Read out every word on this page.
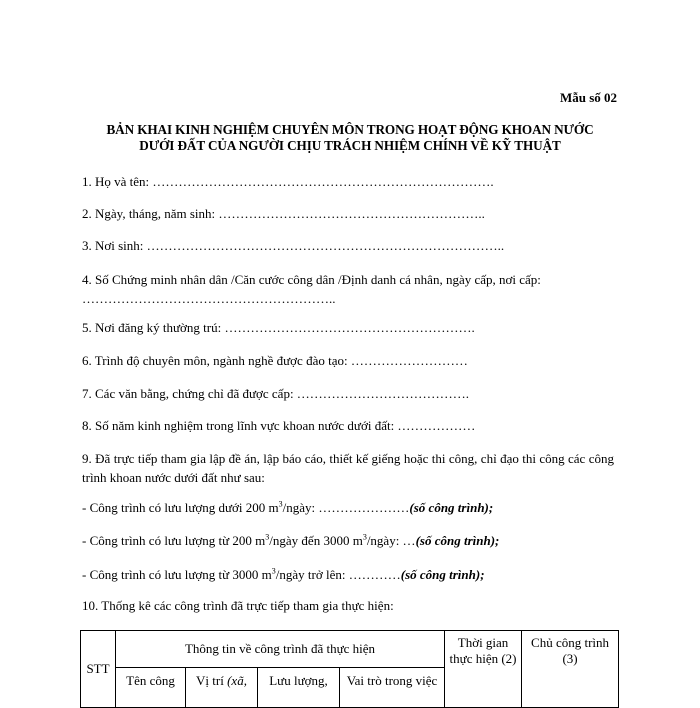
Mẫu số 02
BẢN KHAI KINH NGHIỆM CHUYÊN MÔN TRONG HOẠT ĐỘNG KHOAN NƯỚC
DƯỚI ĐẤT CỦA NGƯỜI CHỊU TRÁCH NHIỆM CHÍNH VỀ KỸ THUẬT
1. Họ và tên: …………………………………………………………………….
2. Ngày, tháng, năm sinh: ……………………………………………………..
3. Nơi sinh: ………………………………………………………………………..
4. Số Chứng minh nhân dân /Căn cước công dân /Định danh cá nhân, ngày cấp, nơi cấp:
…………………………………………………..
5. Nơi đăng ký thường trú: ………………………………………………….
6. Trình độ chuyên môn, ngành nghề được đào tạo: ………………………
7. Các văn bằng, chứng chỉ đã được cấp: ………………………………….
8. Số năm kinh nghiệm trong lĩnh vực khoan nước dưới đất: ………………
9. Đã trực tiếp tham gia lập đề án, lập báo cáo, thiết kế giếng hoặc thi công, chỉ đạo thi công các công trình khoan nước dưới đất như sau:
- Công trình có lưu lượng dưới 200 $m^3$/ngày: …………………(số công trình);
- Công trình có lưu lượng từ 200 $m^3$/ngày đến 3000 $m^3$/ngày: …(số công trình);
- Công trình có lưu lượng từ 3000 $m^3$/ngày trở lên: …………(số công trình);
10. Thống kê các công trình đã trực tiếp tham gia thực hiện:
STT	Thông tin về công trình đã thực hiện				Thời gian thực hiện (2)	Chủ công trình (3)
	Tên công	Vị trí (xã,	Lưu lượng,	Vai trò trong việc		
